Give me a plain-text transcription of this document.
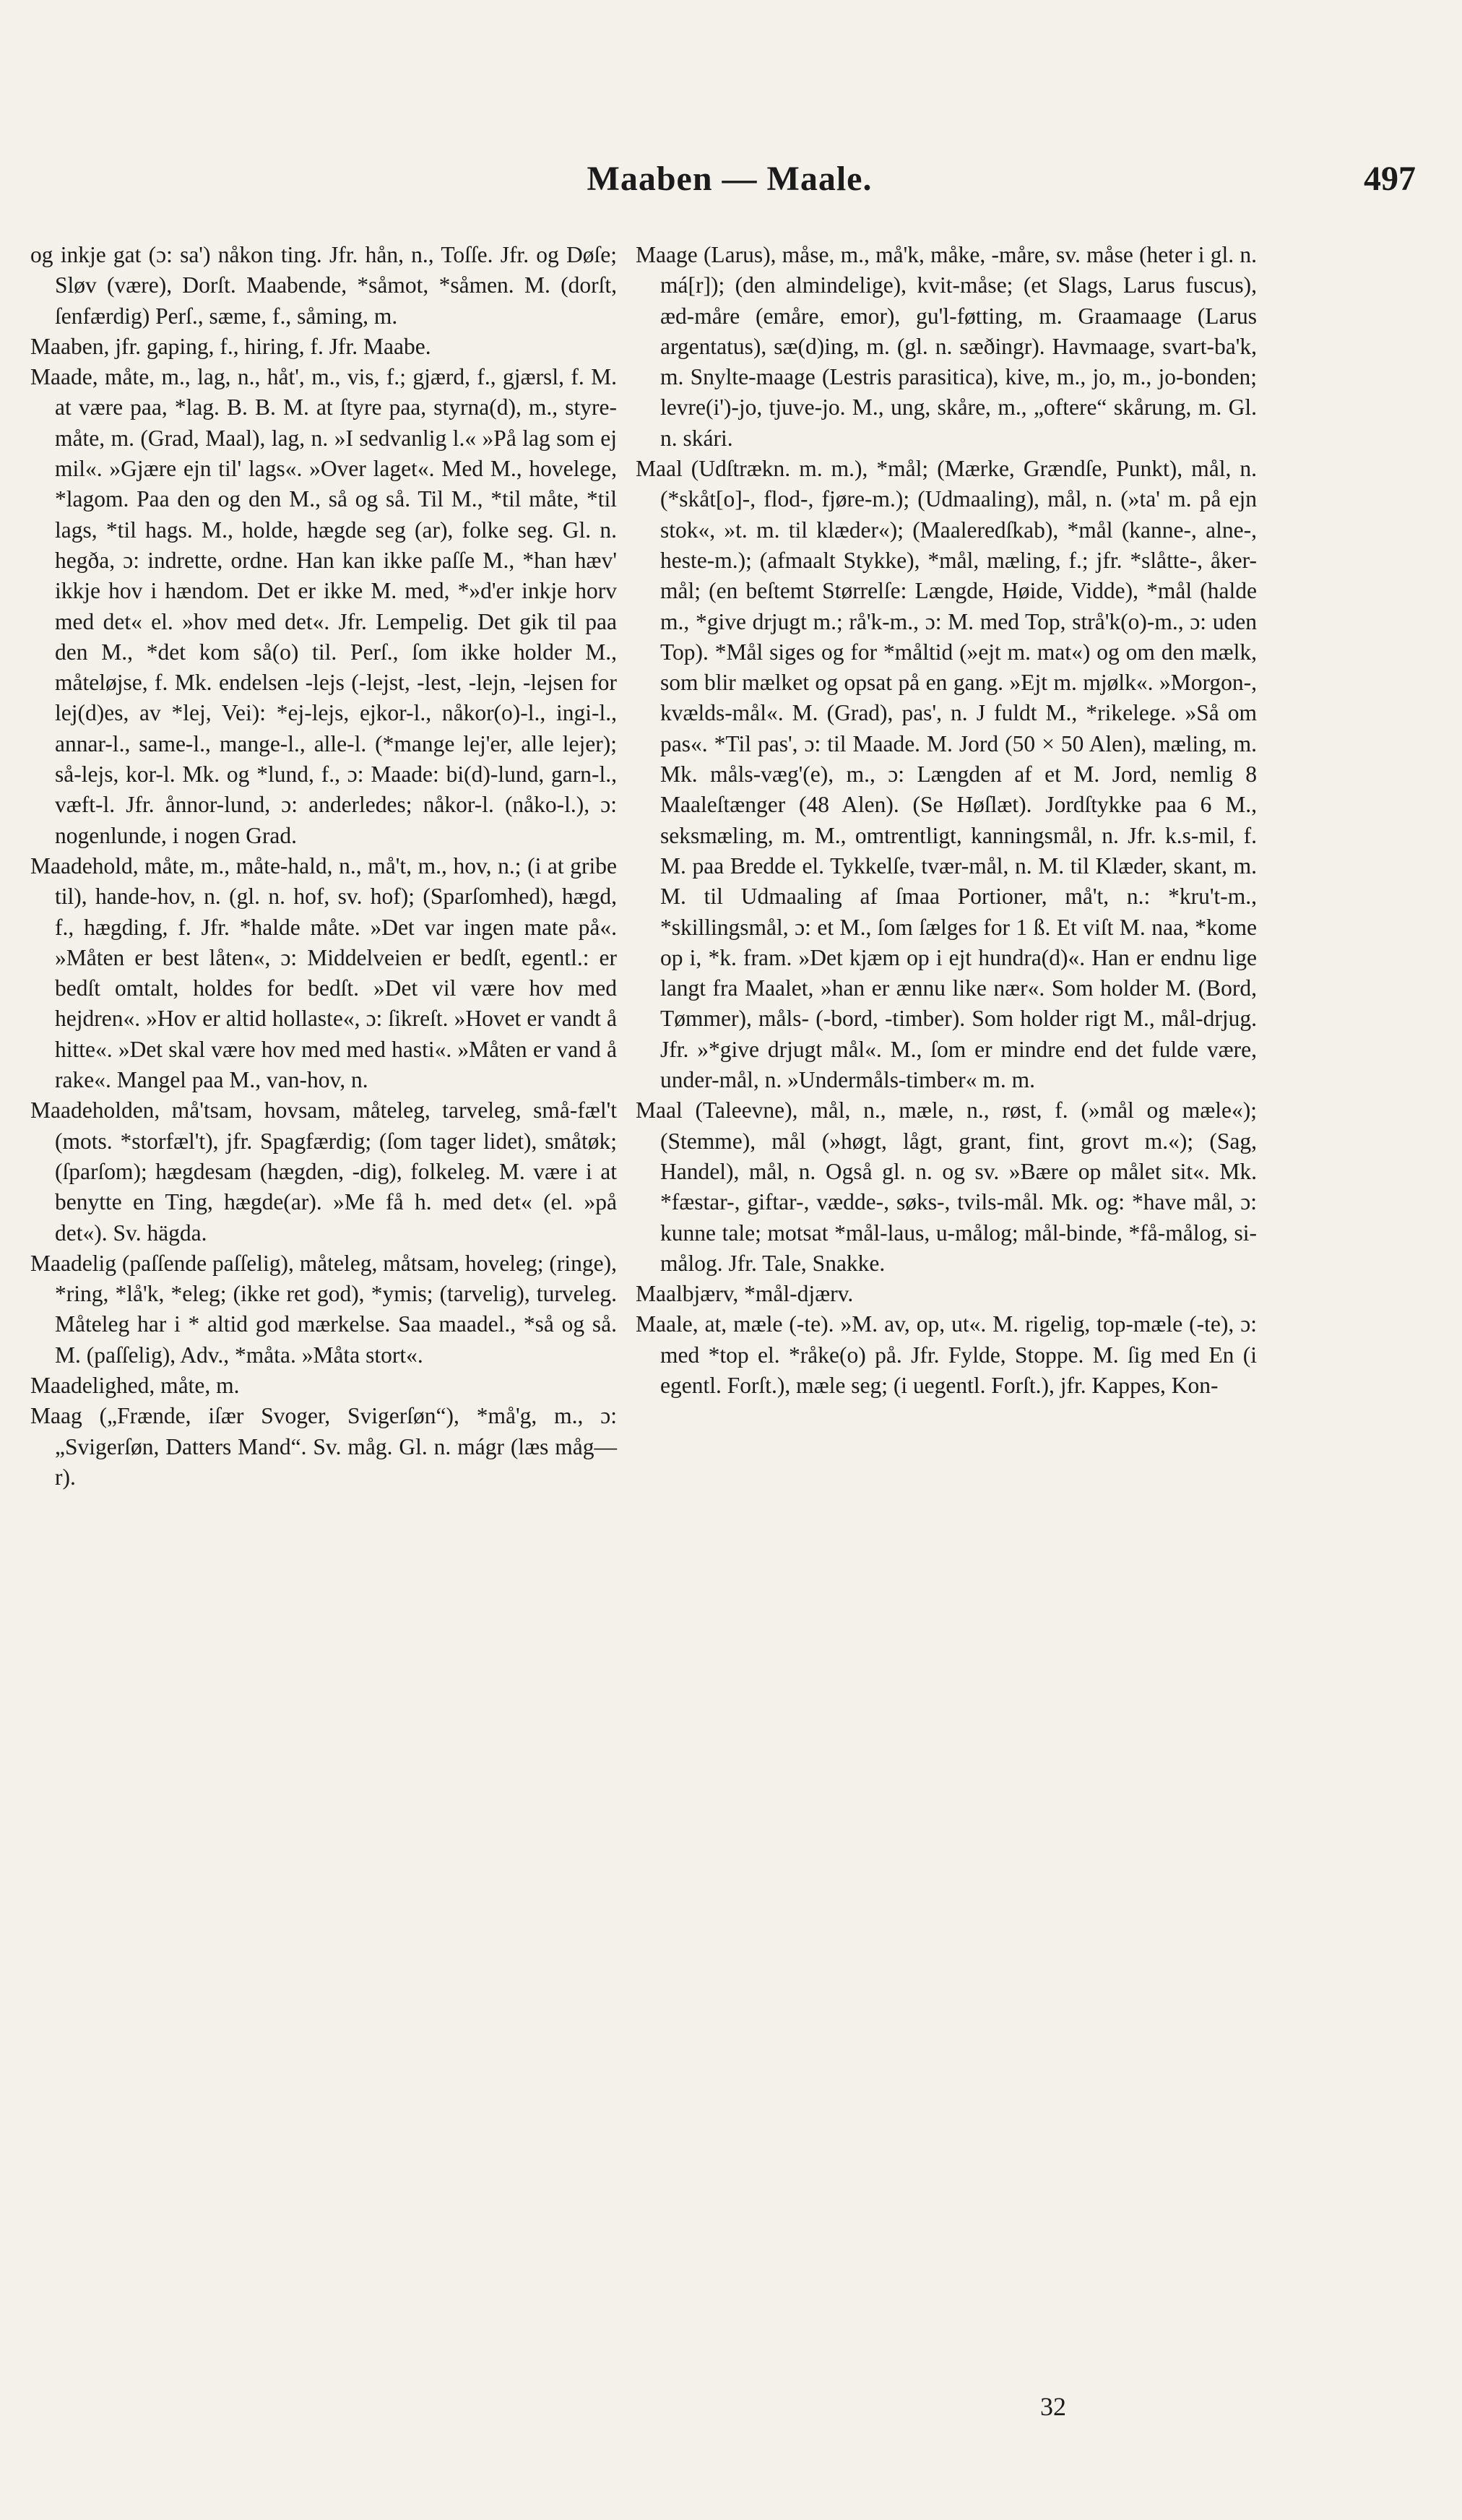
Maaben — Maale.	497

og inkje gat (ɔ: sa') nåkon ting. Jfr. hån, n., Toſſe. Jfr. og Døſe; Sløv (være), Dorſt. Maabende, *såmot, *såmen. M. (dorſt, ſenfærdig) Perſ., sæme, f., såming, m.

Maaben, jfr. gaping, f., hiring, f. Jfr. Maabe.

Maade, måte, m., lag, n., håt', m., vis, f.; gjærd, f., gjærsl, f. M. at være paa, *lag. B. B. M. at ſtyre paa, styrna(d), m., styre-måte, m. (Grad, Maal), lag, n. »I sedvanlig l.« »På lag som ej mil«. »Gjære ejn til' lags«. »Over laget«. Med M., hovelege, *lagom. Paa den og den M., så og så. Til M., *til måte, *til lags, *til hags. M., holde, hægde seg (ar), folke seg. Gl. n. hegða, ɔ: indrette, ordne. Han kan ikke paſſe M., *han hæv' ikkje hov i hændom. Det er ikke M. med, *»d'er inkje horv med det« el. »hov med det«. Jfr. Lempelig. Det gik til paa den M., *det kom så(o) til. Perſ., ſom ikke holder M., måteløjse, f. Mk. endelsen -lejs (-lejst, -lest, -lejn, -lejsen for lej(d)es, av *lej, Vei): *ej-lejs, ejkor-l., nåkor(o)-l., ingi-l., annar-l., same-l., mange-l., alle-l. (*mange lej'er, alle lejer); så-lejs, kor-l. Mk. og *lund, f., ɔ: Maade: bi(d)-lund, garn-l., væft-l. Jfr. ånnor-lund, ɔ: anderledes; nåkor-l. (nåko-l.), ɔ: nogenlunde, i nogen Grad.

Maadehold, måte, m., måte-hald, n., må't, m., hov, n.; (i at gribe til), hande-hov, n. (gl. n. hof, sv. hof); (Sparſomhed), hægd, f., hægding, f. Jfr. *halde måte. »Det var ingen mate på«. »Måten er best låten«, ɔ: Middelveien er bedſt, egentl.: er bedſt omtalt, holdes for bedſt. »Det vil være hov med hejdren«. »Hov er altid hollaste«, ɔ: ſikreſt. »Hovet er vandt å hitte«. »Det skal være hov med med hasti«. »Måten er vand å rake«. Mangel paa M., van-hov, n.

Maadeholden, må'tsam, hovsam, måteleg, tarveleg, små-fæl't (mots. *storfæl't), jfr. Spagfærdig; (ſom tager lidet), småtøk; (ſparſom); hægdesam (hægden, -dig), folkeleg. M. være i at benytte en Ting, hægde(ar). »Me få h. med det« (el. »på det«). Sv. hägda.

Maadelig (paſſende paſſelig), måteleg, måtsam, hoveleg; (ringe), *ring, *lå'k, *eleg; (ikke ret god), *ymis; (tarvelig), turveleg. Måteleg har i * altid god mærkelse. Saa maadel., *så og så. M. (paſſelig), Adv., *måta. »Måta stort«.

Maadelighed, måte, m.

Maag („Frænde, iſær Svoger, Svigerſøn“), *må'g, m., ɔ: „Svigerſøn, Datters Mand“. Sv. måg. Gl. n. mágr (læs måg—r).

Maage (Larus), måse, m., må'k, måke, -måre, sv. måse (heter i gl. n. má[r]); (den almindelige), kvit-måse; (et Slags, Larus fuscus), æd-måre (emåre, emor), gu'l-føtting, m. Graamaage (Larus argentatus), sæ(d)ing, m. (gl. n. sæðingr). Havmaage, svart-ba'k, m. Snylte-maage (Lestris parasitica), kive, m., jo, m., jo-bonden; levre(i')-jo, tjuve-jo. M., ung, skåre, m., „oftere“ skårung, m. Gl. n. skári.

Maal (Udſtrækn. m. m.), *mål; (Mærke, Grændſe, Punkt), mål, n. (*skåt[o]-, flod-, fjøre-m.); (Udmaaling), mål, n. (»ta' m. på ejn stok«, »t. m. til klæder«); (Maaleredſkab), *mål (kanne-, alne-, heste-m.); (afmaalt Stykke), *mål, mæling, f.; jfr. *slåtte-, åker-mål; (en beſtemt Størrelſe: Længde, Høide, Vidde), *mål (halde m., *give drjugt m.; rå'k-m., ɔ: M. med Top, strå'k(o)-m., ɔ: uden Top). *Mål siges og for *måltid (»ejt m. mat«) og om den mælk, som blir mælket og opsat på en gang. »Ejt m. mjølk«. »Morgon-, kvælds-mål«. M. (Grad), pas', n. J fuldt M., *rikelege. »Så om pas«. *Til pas', ɔ: til Maade. M. Jord (50 × 50 Alen), mæling, m. Mk. måls-væg'(e), m., ɔ: Længden af et M. Jord, nemlig 8 Maaleſtænger (48 Alen). (Se Høſlæt). Jordſtykke paa 6 M., seksmæling, m. M., omtrentligt, kanningsmål, n. Jfr. k.s-mil, f. M. paa Bredde el. Tykkelſe, tvær-mål, n. M. til Klæder, skant, m. M. til Udmaaling af ſmaa Portioner, må't, n.: *kru't-m., *skillingsmål, ɔ: et M., ſom ſælges for 1 ß. Et viſt M. naa, *kome op i, *k. fram. »Det kjæm op i ejt hundra(d)«. Han er endnu lige langt fra Maalet, »han er ænnu like nær«. Som holder M. (Bord, Tømmer), måls- (-bord, -timber). Som holder rigt M., mål-drjug. Jfr. »*give drjugt mål«. M., ſom er mindre end det fulde være, under-mål, n. »Undermåls-timber« m. m.

Maal (Taleevne), mål, n., mæle, n., røst, f. (»mål og mæle«); (Stemme), mål (»høgt, lågt, grant, fint, grovt m.«); (Sag, Handel), mål, n. Også gl. n. og sv. »Bære op målet sit«. Mk. *fæstar-, giftar-, vædde-, søks-, tvils-mål. Mk. og: *have mål, ɔ: kunne tale; motsat *mål-laus, u-målog; mål-binde, *få-målog, si-målog. Jfr. Tale, Snakke.

Maalbjærv, *mål-djærv.

Maale, at, mæle (-te). »M. av, op, ut«. M. rigelig, top-mæle (-te), ɔ: med *top el. *råke(o) på. Jfr. Fylde, Stoppe. M. ſig med En (i egentl. Forſt.), mæle seg; (i uegentl. Forſt.), jfr. Kappes, Kon-

32
